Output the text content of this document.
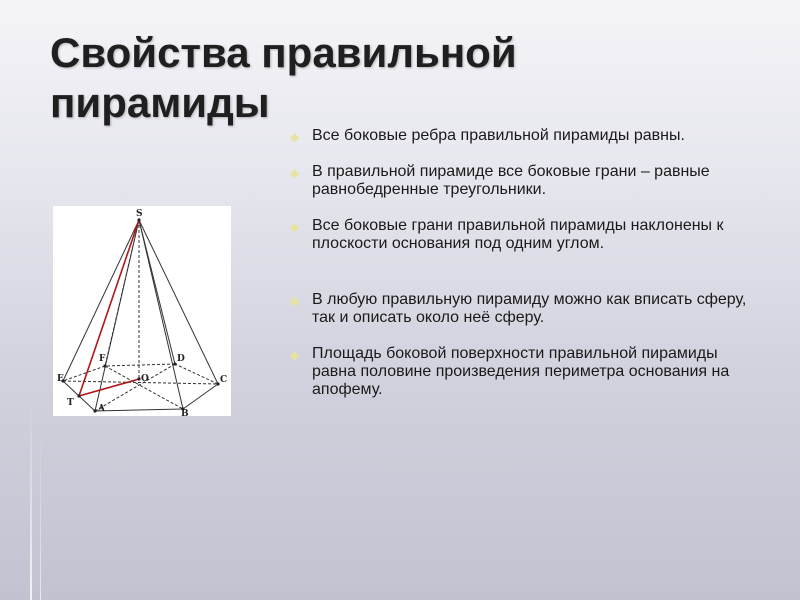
Свойства правильной пирамиды
S
F	D
E	O	C
T
A	B
◆ Все боковые ребра правильной пирамиды равны.
◆ В правильной пирамиде все боковые грани – равные равнобедренные треугольники.
◆ Все боковые грани правильной пирамиды наклонены к плоскости основания под одним углом.
◆ В любую правильную пирамиду можно как вписать сферу, так и описать около неё сферу.
◆ Площадь боковой поверхности правильной пирамиды равна половине произведения периметра основания на апофему.
